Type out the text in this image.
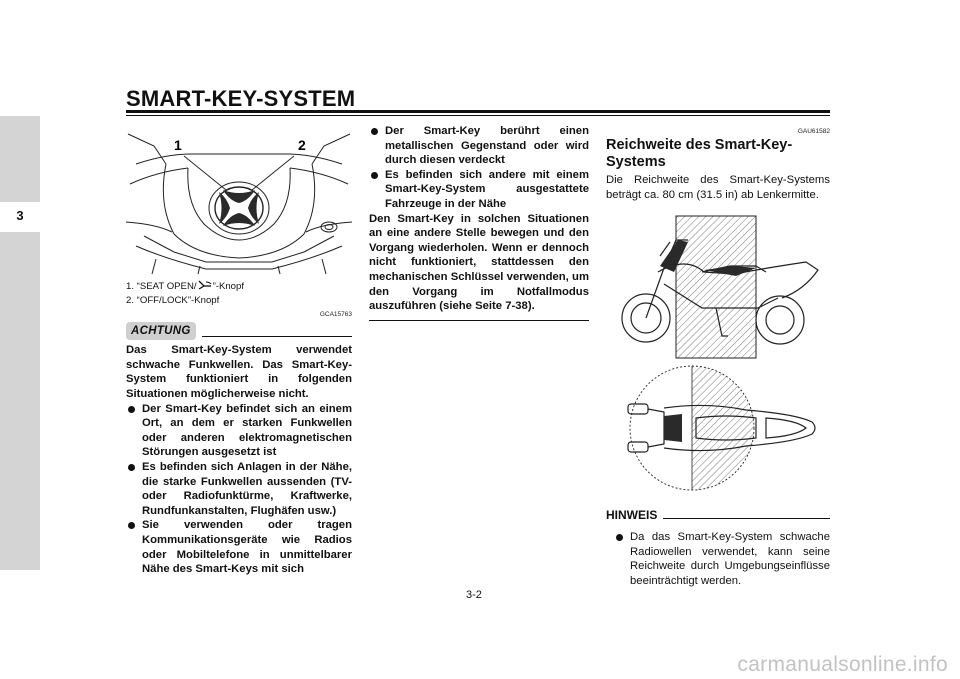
SMART-KEY-SYSTEM
3
1	2
1. “SEAT OPEN/ ”-Knopf
2. “OFF/LOCK”-Knopf
GCA15763
ACHTUNG

Das Smart-Key-System verwendet schwache Funkwellen. Das Smart-Key-System funktioniert in folgenden Situationen möglicherweise nicht.

Der Smart-Key befindet sich an einem Ort, an dem er starken Funkwellen oder anderen elektromagnetischen Störungen ausgesetzt ist
Es befinden sich Anlagen in der Nähe, die starke Funkwellen aussenden (TV- oder Radiofunktürme, Kraftwerke, Rundfunkanstalten, Flughäfen usw.)
Sie verwenden oder tragen Kommunikationsgeräte wie Radios oder Mobiltelefone in unmittelbarer Nähe des Smart-Keys mit sich
Der Smart-Key berührt einen metallischen Gegenstand oder wird durch diesen verdeckt
Es befinden sich andere mit einem Smart-Key-System ausgestattete Fahrzeuge in der Nähe

Den Smart-Key in solchen Situationen an eine andere Stelle bewegen und den Vorgang wiederholen. Wenn er dennoch nicht funktioniert, stattdessen den mechanischen Schlüssel verwenden, um den Vorgang im Notfallmodus auszuführen (siehe Seite 7-38).

GAU61582
Reichweite des Smart-Key-Systems

Die Reichweite des Smart-Key-Systems beträgt ca. 80 cm (31.5 in) ab Lenkermitte.

HINWEIS
Da das Smart-Key-System schwache Radiowellen verwendet, kann seine Reichweite durch Umgebungseinflüsse beeinträchtigt werden.
3-2
carmanualsonline.info
